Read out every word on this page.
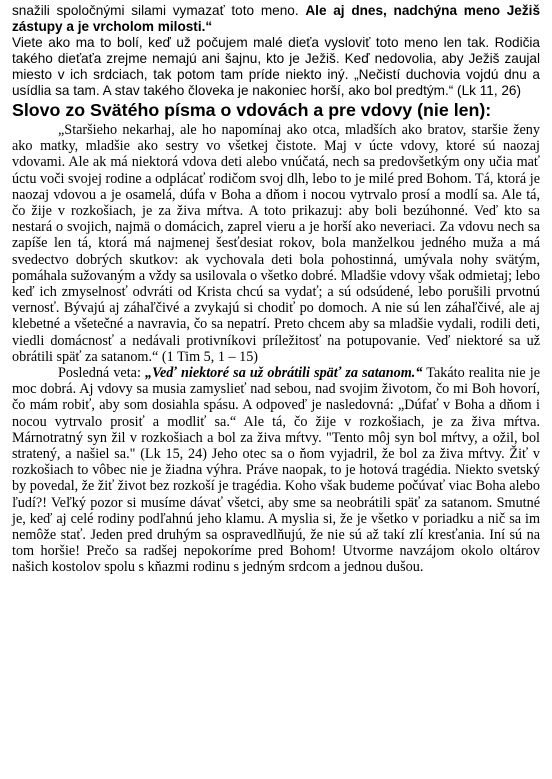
snažili spoločnými silami vymazať toto meno. Ale aj dnes, nadchýna meno Ježiš zástupy a je vrcholom milosti.“

Viete ako ma to bolí, keď už počujem malé dieťa vysloviť toto meno len tak. Rodičia takého dieťaťa zrejme nemajú ani šajnu, kto je Ježiš. Keď nedovolia, aby Ježiš zaujal miesto v ich srdciach, tak potom tam príde niekto iný. „Nečistí duchovia vojdú dnu a usídlia sa tam. A stav takého človeka je nakoniec horší, ako bol predtým.“ (Lk 11, 26)

Slovo zo Svätého písma o vdovách a pre vdovy (nie len):

„Staršieho nekarhaj, ale ho napomínaj ako otca, mladších ako bratov, staršie ženy ako matky, mladšie ako sestry vo všetkej čistote. Maj v úcte vdovy, ktoré sú naozaj vdovami. Ale ak má niektorá vdova deti alebo vnúčatá, nech sa predovšetkým ony učia mať úctu voči svojej rodine a odplácať rodičom svoj dlh, lebo to je milé pred Bohom. Tá, ktorá je naozaj vdovou a je osamelá, dúfa v Boha a dňom i nocou vytrvalo prosí a modlí sa. Ale tá, čo žije v rozkošiach, je za živa mŕtva. A toto prikazuj: aby boli bezúhonné. Veď kto sa nestará o svojich, najmä o domácich, zaprel vieru a je horší ako neveriaci. Za vdovu nech sa zapíše len tá, ktorá má najmenej šesťdesiat rokov, bola manželkou jedného muža a má svedectvo dobrých skutkov: ak vychovala deti bola pohostinná, umývala nohy svätým, pomáhala sužovaným a vždy sa usilovala o všetko dobré. Mladšie vdovy však odmietaj; lebo keď ich zmyselnosť odvráti od Krista chcú sa vydať; a sú odsúdené, lebo porušili prvotnú vernosť. Bývajú aj záhaľčivé a zvykajú si chodiť po domoch. A nie sú len záhaľčivé, ale aj klebetné a všetečné a navravia, čo sa nepatrí. Preto chcem aby sa mladšie vydali, rodili deti, viedli domácnosť a nedávali protivníkovi príležitosť na potupovanie. Veď niektoré sa už obrátili späť za satanom.“ (1 Tim 5, 1 – 15)

Posledná veta: „Veď niektoré sa už obrátili späť za satanom.“ Takáto realita nie je moc dobrá. Aj vdovy sa musia zamyslieť nad sebou, nad svojim životom, čo mi Boh hovorí, čo mám robiť, aby som dosiahla spásu. A odpoveď je nasledovná: „Dúfať v Boha a dňom i nocou vytrvalo prosiť a modliť sa.“ Ale tá, čo žije v rozkošiach, je za živa mŕtva. Márnotratný syn žil v rozkošiach a bol za živa mŕtvy. "Tento môj syn bol mŕtvy, a ožil, bol stratený, a našiel sa." (Lk 15, 24) Jeho otec sa o ňom vyjadril, že bol za živa mŕtvy. Žiť v rozkošiach to vôbec nie je žiadna výhra. Práve naopak, to je hotová tragédia. Niekto svetský by povedal, že žiť život bez rozkoší je tragédia. Koho však budeme počúvať viac Boha alebo ľudí?! Veľký pozor si musíme dávať všetci, aby sme sa neobrátili späť za satanom. Smutné je, keď aj celé rodiny podľahnú jeho klamu. A myslia si, že je všetko v poriadku a nič sa im nemôže stať. Jeden pred druhým sa ospravedlňujú, že nie sú až takí zlí kresťania. Iní sú na tom horšie! Prečo sa radšej nepokoríme pred Bohom! Utvorme navzájom okolo oltárov našich kostolov spolu s kňazmi rodinu s jedným srdcom a jednou dušou.
